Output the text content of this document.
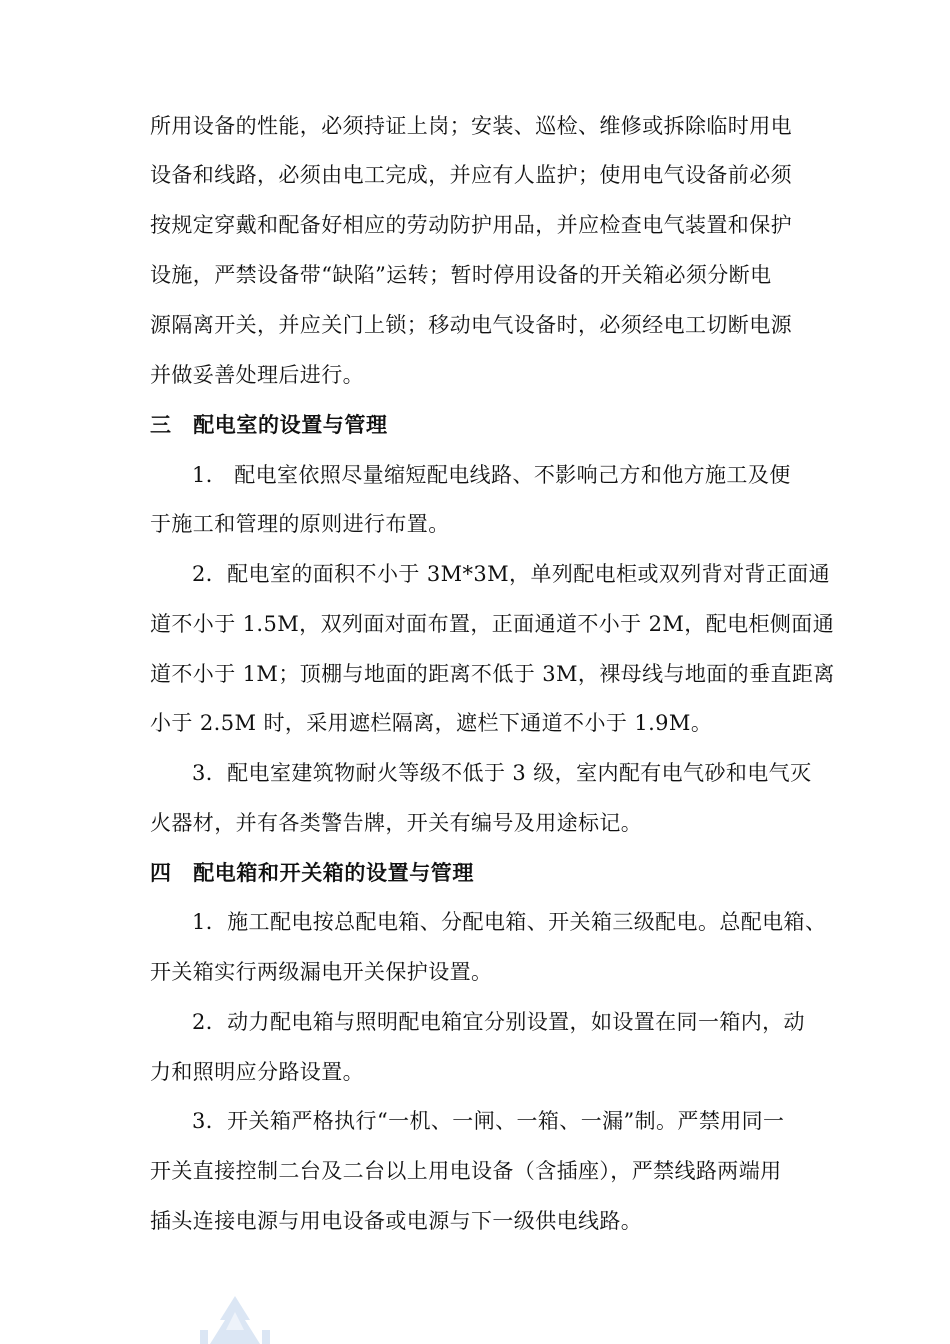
所用设备的性能，必须持证上岗；安装、巡检、维修或拆除临时用电
设备和线路，必须由电工完成，并应有人监护；使用电气设备前必须
按规定穿戴和配备好相应的劳动防护用品，并应检查电气装置和保护
设施，严禁设备带“缺陷”运转；暂时停用设备的开关箱必须分断电
源隔离开关，并应关门上锁；移动电气设备时，必须经电工切断电源
并做妥善处理后进行。
三　配电室的设置与管理
1． 配电室依照尽量缩短配电线路、不影响己方和他方施工及便
于施工和管理的原则进行布置。
2．配电室的面积不小于 3M*3M，单列配电柜或双列背对背正面通
道不小于 1.5M，双列面对面布置，正面通道不小于 2M，配电柜侧面通
道不小于 1M；顶棚与地面的距离不低于 3M，裸母线与地面的垂直距离
小于 2.5M 时，采用遮栏隔离，遮栏下通道不小于 1.9M。
3．配电室建筑物耐火等级不低于 3 级，室内配有电气砂和电气灭
火器材，并有各类警告牌，开关有编号及用途标记。
四　配电箱和开关箱的设置与管理
1．施工配电按总配电箱、分配电箱、开关箱三级配电。总配电箱、
开关箱实行两级漏电开关保护设置。
2．动力配电箱与照明配电箱宜分别设置，如设置在同一箱内，动
力和照明应分路设置。
3．开关箱严格执行“一机、一闸、一箱、一漏”制。严禁用同一
开关直接控制二台及二台以上用电设备（含插座），严禁线路两端用
插头连接电源与用电设备或电源与下一级供电线路。
